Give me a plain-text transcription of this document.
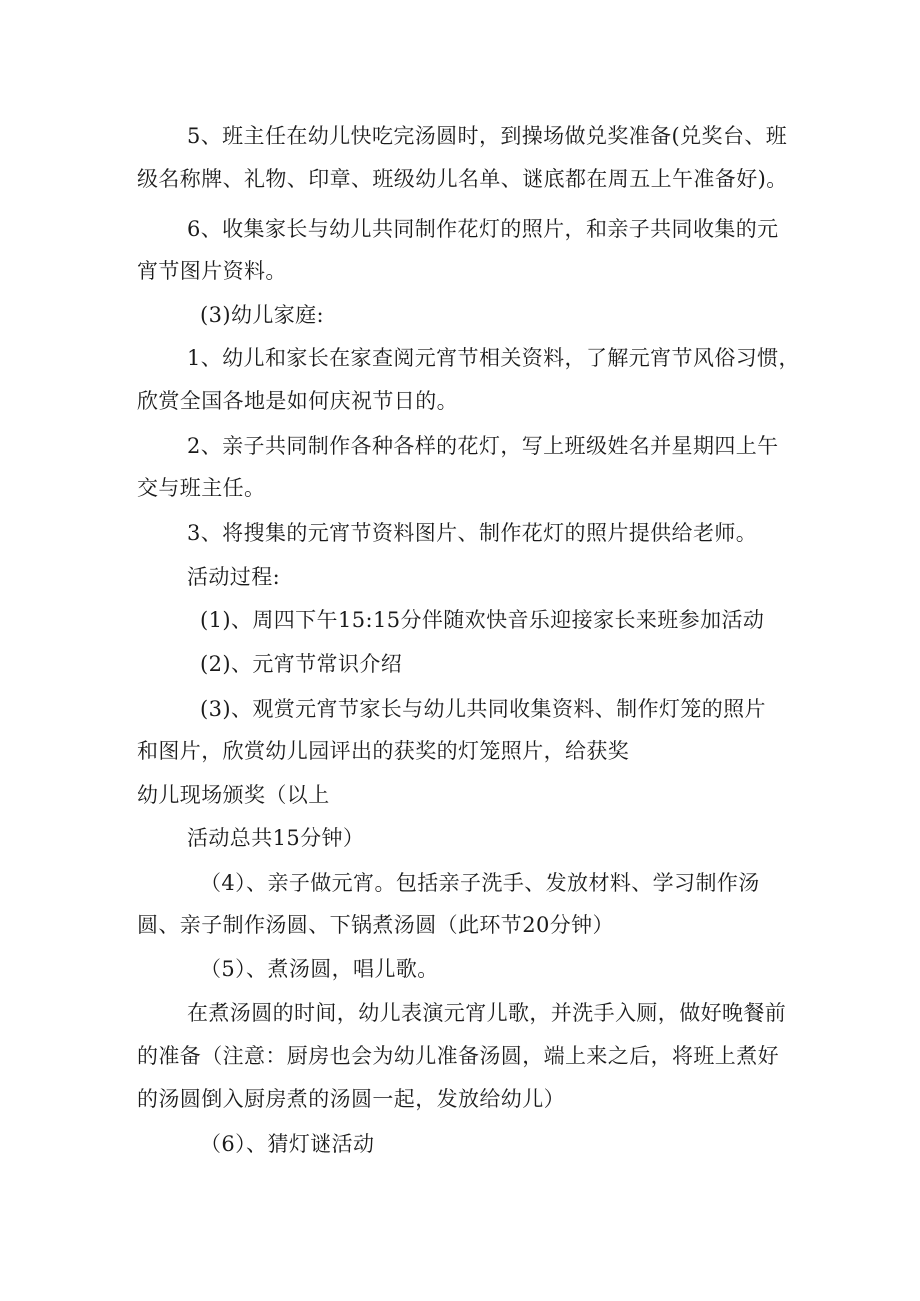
5、班主任在幼儿快吃完汤圆时，到操场做兑奖准备(兑奖台、班
级名称牌、礼物、印章、班级幼儿名单、谜底都在周五上午准备好)。
6、收集家长与幼儿共同制作花灯的照片，和亲子共同收集的元
宵节图片资料。
(3)幼儿家庭:
1、幼儿和家长在家查阅元宵节相关资料，了解元宵节风俗习惯，
欣赏全国各地是如何庆祝节日的。
2、亲子共同制作各种各样的花灯，写上班级姓名并星期四上午
交与班主任。
3、将搜集的元宵节资料图片、制作花灯的照片提供给老师。
活动过程:
(1)、周四下午15:15分伴随欢快音乐迎接家长来班参加活动
(2)、元宵节常识介绍
(3)、观赏元宵节家长与幼儿共同收集资料、制作灯笼的照片
和图片，欣赏幼儿园评出的获奖的灯笼照片，给获奖
幼儿现场颁奖（以上
活动总共15分钟）
（4）、亲子做元宵。包括亲子洗手、发放材料、学习制作汤
圆、亲子制作汤圆、下锅煮汤圆（此环节20分钟）
（5）、煮汤圆，唱儿歌。
在煮汤圆的时间，幼儿表演元宵儿歌，并洗手入厕，做好晚餐前
的准备（注意：厨房也会为幼儿准备汤圆，端上来之后，将班上煮好
的汤圆倒入厨房煮的汤圆一起，发放给幼儿）
（6）、猜灯谜活动
